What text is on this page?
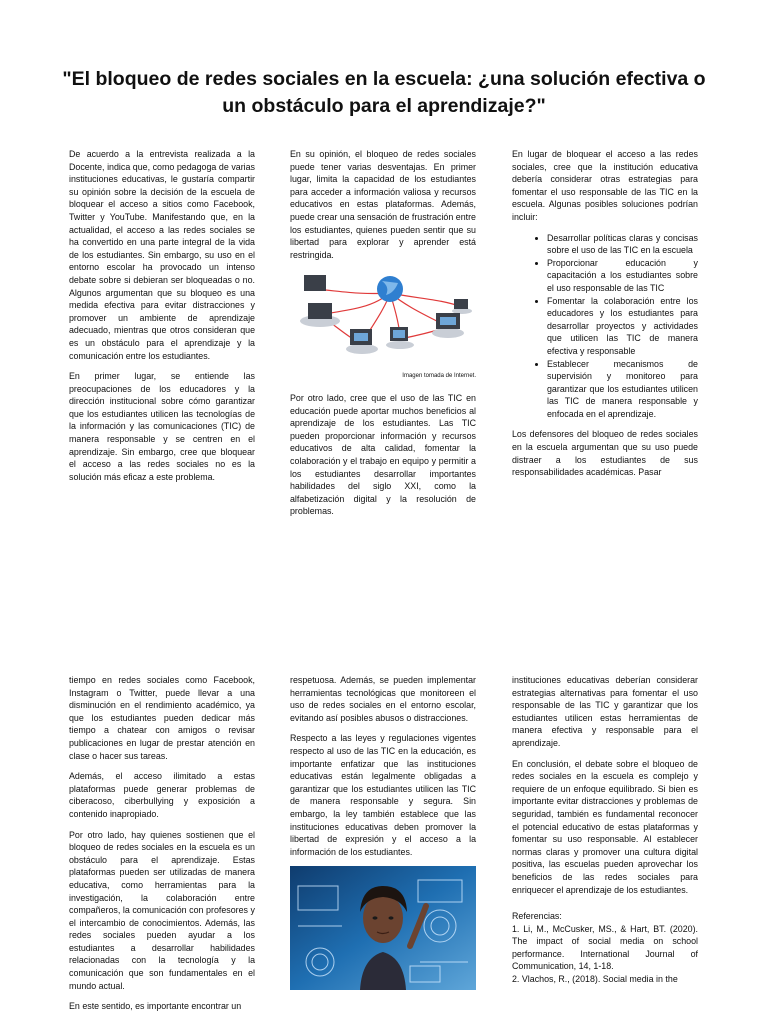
"El bloqueo de redes sociales en la escuela: ¿una solución efectiva o un obstáculo para el aprendizaje?"

De acuerdo a la entrevista realizada a la Docente, indica que, como pedagoga de varias instituciones educativas, le gustaría compartir su opinión sobre la decisión de la escuela de bloquear el acceso a sitios como Facebook, Twitter y YouTube. Manifestando que, en la actualidad, el acceso a las redes sociales se ha convertido en una parte integral de la vida de los estudiantes. Sin embargo, su uso en el entorno escolar ha provocado un intenso debate sobre si debieran ser bloqueadas o no. Algunos argumentan que su bloqueo es una medida efectiva para evitar distracciones y promover un ambiente de aprendizaje adecuado, mientras que otros consideran que es un obstáculo para el aprendizaje y la comunicación entre los estudiantes.

En primer lugar, se entiende las preocupaciones de los educadores y la dirección institucional sobre cómo garantizar que los estudiantes utilicen las tecnologías de la información y las comunicaciones (TIC) de manera responsable y se centren en el aprendizaje. Sin embargo, cree que bloquear el acceso a las redes sociales no es la solución más eficaz a este problema.

En su opinión, el bloqueo de redes sociales puede tener varias desventajas. En primer lugar, limita la capacidad de los estudiantes para acceder a información valiosa y recursos educativos en estas plataformas. Además, puede crear una sensación de frustración entre los estudiantes, quienes pueden sentir que su libertad para explorar y aprender está restringida.

Imagen tomada de Internet.

Por otro lado, cree que el uso de las TIC en educación puede aportar muchos beneficios al aprendizaje de los estudiantes. Las TIC pueden proporcionar información y recursos educativos de alta calidad, fomentar la colaboración y el trabajo en equipo y permitir a los estudiantes desarrollar importantes habilidades del siglo XXI, como la alfabetización digital y la resolución de problemas.

En lugar de bloquear el acceso a las redes sociales, cree que la institución educativa debería considerar otras estrategias para fomentar el uso responsable de las TIC en la escuela. Algunas posibles soluciones podrían incluir:

• Desarrollar políticas claras y concisas sobre el uso de las TIC en la escuela
• Proporcionar educación y capacitación a los estudiantes sobre el uso responsable de las TIC
• Fomentar la colaboración entre los educadores y los estudiantes para desarrollar proyectos y actividades que utilicen las TIC de manera efectiva y responsable
• Establecer mecanismos de supervisión y monitoreo para garantizar que los estudiantes utilicen las TIC de manera responsable y enfocada en el aprendizaje.

Los defensores del bloqueo de redes sociales en la escuela argumentan que su uso puede distraer a los estudiantes de sus responsabilidades académicas. Pasar

tiempo en redes sociales como Facebook, Instagram o Twitter, puede llevar a una disminución en el rendimiento académico, ya que los estudiantes pueden dedicar más tiempo a chatear con amigos o revisar publicaciones en lugar de prestar atención en clase o hacer sus tareas.

Además, el acceso ilimitado a estas plataformas puede generar problemas de ciberacoso, ciberbullying y exposición a contenido inapropiado.

Por otro lado, hay quienes sostienen que el bloqueo de redes sociales en la escuela es un obstáculo para el aprendizaje. Estas plataformas pueden ser utilizadas de manera educativa, como herramientas para la investigación, la colaboración entre compañeros, la comunicación con profesores y el intercambio de conocimientos. Además, las redes sociales pueden ayudar a los estudiantes a desarrollar habilidades relacionadas con la tecnología y la comunicación que son fundamentales en el mundo actual.

En este sentido, es importante encontrar un

respetuosa. Además, se pueden implementar herramientas tecnológicas que monitoreen el uso de redes sociales en el entorno escolar, evitando así posibles abusos o distracciones.

Respecto a las leyes y regulaciones vigentes respecto al uso de las TIC en la educación, es importante enfatizar que las instituciones educativas están legalmente obligadas a garantizar que los estudiantes utilicen las TIC de manera responsable y segura. Sin embargo, la ley también establece que las instituciones educativas deben promover la libertad de expresión y el acceso a la información de los estudiantes.

instituciones educativas deberían considerar estrategias alternativas para fomentar el uso responsable de las TIC y garantizar que los estudiantes utilicen estas herramientas de manera efectiva y responsable para el aprendizaje.

En conclusión, el debate sobre el bloqueo de redes sociales en la escuela es complejo y requiere de un enfoque equilibrado. Si bien es importante evitar distracciones y problemas de seguridad, también es fundamental reconocer el potencial educativo de estas plataformas y fomentar su uso responsable. Al establecer normas claras y promover una cultura digital positiva, las escuelas pueden aprovechar los beneficios de las redes sociales para enriquecer el aprendizaje de los estudiantes.

Referencias:

1. Li, M., McCusker, MS., & Hart, BT. (2020). The impact of social media on school performance. International Journal of Communication, 14, 1-18.

2. Vlachos, R., (2018). Social media in the
